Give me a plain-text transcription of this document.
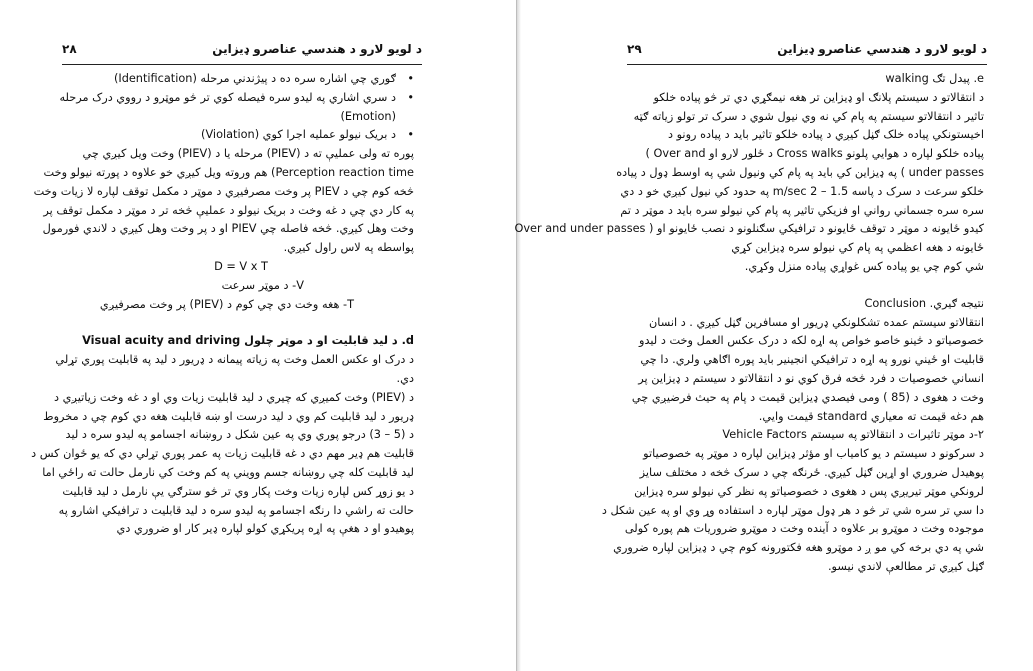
۲۸	د لویو لارو د هندسي عناصرو ډیزاین
• ګوري چي اشاره سره ده د پیژندني مرحله (Identification)
• د سري اشاري په لیدو سره فیصله کوي تر څو موټرو د رووي درک مرحله
(Emotion)
• د بریک نیولو عملیه اجرا کوي (Violation)
پوره ته ولی عملیې ته د (PIEV) مرحله یا د (PIEV) وخت ویل کیږي چي
Perception reaction time) هم وروته ویل کیږي خو علاوه د پورته نیولو وخت
څخه کوم چي د PIEV پر وخت مصرفیږي د موټر د مکمل توقف لپاره لا زیات وخت
په کار دي چي د غه وخت د بریک نیولو د عملیې څخه تر د موټر د مکمل توقف پر
وخت وهل کیږي. څخه فاصله چي PIEV او د پر وخت وهل کیږي د لاندي فورمول
پواسطه په لاس راول کیږي.
D = V x T
V- د موټر سرعت
T- هغه وخت دي چي کوم د (PIEV) پر وخت مصرفیږي
d. د لید قابلیت او د موټر چلول Visual acuity and driving
د درک او عکس العمل وخت په زیاته پیمانه د ډریور د لید په قابلیت پوري تړلي
دي.
د (PIEV) وخت کمیږي که چیري د لید قابلیت زیات وي او د غه وخت زیاتیږي د
ډریور د لید قابلیت کم وي د لید درست او ښه قابلیت هغه دي کوم چي د مخروط
د (5 – 3) درجو پوري وي په عین شکل د روښانه اجسامو په لیدو سره د لید
قابلیت هم ډیر مهم دي د غه قابلیت زیات په عمر پوري تړلي دي که یو ځوان کس د
لید قابلیت کله چي روښانه جسم وویني په کم وخت کي نارمل حالت ته راځي اما
د یو زوړ کس لپاره زیات وخت پکار وي تر څو سترګي یې نارمل د لید قابلیت
حالت ته راشي دا رنګه اجسامو په لیدو سره د لید قابلیت د ترافیکي اشارو په
پوهیدو او د هغې په اړه پریکړي کولو لپاره ډیر کار او ضروري دي
۲۹	د لویو لارو د هندسي عناصرو ډیزاین
e. پیدل تګ walking
د انتقالاتو د سیستم پلانګ او ډیزاین تر هغه نیمګړي دي تر څو پیاده خلکو
تاثیر د انتقالاتو سیستم په پام کي نه وي نیول شوي د سرک تر تولو زیاته ګټه
اخیستونکي پیاده خلک ګڼل کیږي د پیاده خلکو تاثیر باید د پیاده رونو د
پیاده خلکو لپاره د هوایي پلونو Cross walks د ځلور لارو او Over and )
under passes ) په ډیزاین کي باید په پام کي ونیول شي په اوسط ډول د پیاده
خلکو سرعت د سرک د پاسه 1.5 – 2 m/sec په حدود کي نیول کیږي خو د دي
سره سره جسماني رواني او فزیکي تاثیر په پام کي نیولو سره باید د موټر د تم
کیدو ځایونه د موټر د توقف ځایونو د ترافیکي سګنلونو د نصب ځایونو او ( Over and under passes
ځایونه د هغه اعظمي په پام کي نیولو سره ډیزاین کړي
شي کوم چي یو پیاده کس غواړي پیاده منزل وکړي.
نتیجه ګیري. Conclusion
انتقالاتو سیستم عمده تشکلونکي ډریور او مسافرین ګڼل کیږي . د انسان
خصوصیاتو د څینو خاصو خواص په اړه لکه د درک عکس العمل وخت د لیدو
قابلیت او ځیني نورو په اړه د ترافیکي انجینیر باید پوره اګاهي ولري. دا چي
انساني خصوصیات د فرد څخه فرق کوي نو د انتقالاتو د سیستم د ډیزاین پر
وخت د هغوی د (85 ) ومی فیصدي ډیزاین قیمت د پام په حیث فرضیږي چي
هم دغه قیمت ته معیاري standard قیمت وایي.
۲-د موټر تاثیرات د انتقالاتو په سیستم Vehicle Factors
د سرکونو د سیستم د یو کامیاب او مؤثر ډیزاین لپاره د موټر په خصوصیاتو
پوهیدل ضروري او اړین ګڼل کیږي. ځرنګه چي د سرک څخه د مختلف سایز
لرونکي موټر تیریږي پس د هغوی د خصوصیاتو په نظر کي نیولو سره ډیزاین
دا سي تر سره شي تر څو د هر ډول موټر لپاره د استفاده وړ وي او په عین شکل د
موجوده وخت د موټرو بر علاوه د آینده وخت د موټرو ضروریات هم پوره کولی
شي په دي برخه کي مو ږ د موټرو هغه فکتورونه کوم چي د ډیزاین لپاره ضروري
ګڼل کیږي تر مطالعې لاندي نیسو.
